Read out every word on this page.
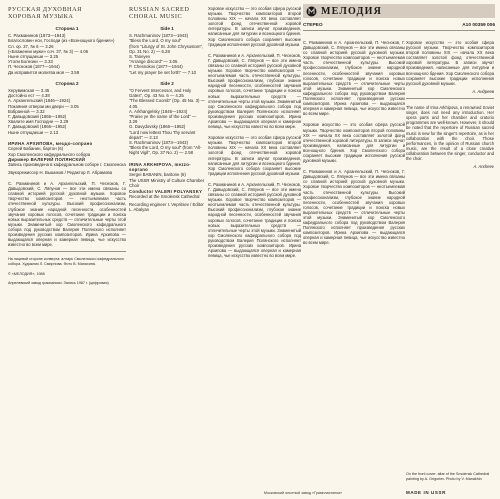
РУССКАЯ ДУХОВНАЯ
ХОРОВАЯ МУЗЫКА
Сторона 1
С. Рахманинов (1873—1943)
Благословен еси, Господи (из «Всенощного бдения»)
Сл. ор. 37, № 6 — 3.26
(«Блаженни мужи» соч. 37, № 3) — 4.06
Ныне отпущаеши — 3.25
Утоли Болезни — 3.33
П. Чесноков (1877—1944)
Да исправится молитва моя — 3.58
Сторона 2
Херувимская — 3.45
Достойно ест — 4.38
А. Архангельский (1846—1924)
Покаяния отверзи ми двери — 3.05
Взбранной — 3.32
Г. Давыдовский (1866—1952)
Хвалите имя Господне — 3.29
Г. Давыдовский (1866—1952)
Ныне отпущаеши — 2.13
ИРИНА АРХИПОВА, меццо-сопрано
Сергей Бабанин, бартон (6)
Хор Смоленского кафедрального собора
Дирижер ВАЛЕРИЙ ПОЛЯНСКИЙ
Запись произведена в кафедральном соборе г. Смоленска
Звукорежиссер Н. Вышиков / Редактор Л. Абрамова
С. Рахманинов и А. Архангельский, П. Чесноков, Г. Давыдовский, С. Ляпунов — все эти имена связаны со славной историей русской духовной музыки. Хоровое творчество композиторов — неотъемлемая часть отечественной культуры. Высокий профессионализм, глубокое знание народной песенности, особенностей звучания хоровых голосов, сочетание традиции и поиска новых выразительных средств — отличительные черты этой музыки. Знаменитый хор Смоленского кафедрального собора под руководством Валерия Полянского исполняет произведения русских композиторов. Ирина Архипова — выдающаяся оперная и камерная певица, чье искусство известно во всем мире.
На лицевой стороне конверта: алтарь Смоленского кафедрального собора. Художник Л. Смирнова. Фото В. Манахина.
© «МЕЛОДИЯ», 1988
Апрелевский завод грамзаписи. Запись 1987 г. (цифровая)
RUSSIAN SACRED
CHORAL MUSIC
Side 1
S. Rachmaninov (1873—1943)
"Bless the Lord, O my soul"
(from "Liturgy of St. John Chrysostom", Op. 31 No. 2) — 6.28
S. Taneyev
"Arrange discord" — 3.05
P. Chesnokov (1877—1944)
"Let my prayer be set forth" — 7.10
Side 2
"O Fervent Intercessor, and Holy Gates", Op. 43 No. 6 — 4.25
"The Blessed Coomb" (Op. 45 No. 3) — 4.05
A. Arkhangelsky (1846—1924)
"Praise ye the name of the Lord" — 3.29
G. Davydovsky (1866—1952)
"Lord now lettest Thou Thy servant depart" — 2.13
S. Rachmaninov (1873—1943)
"Bless the Lord, O my soul" (from "All-Night Vigil", Op. 37 No. 2) — 2.58
IRINA ARKHIPOVA, mezzo-soprano
Sergei BABANIN, baritone (6)
The USSR Ministry of Culture Chamber Choir
Conductor VALERI POLYANSKY
Recorded at the Smolensk Cathedral
Recording engineer I. Vepritsev / Editor L. Abalyan
Хоровое искусство — это особая сфера русской музыки. Творчество композиторов второй половины XIX — начала XX века составляет золотой фонд отечественной хоровой литературы. В записи звучат произведения, написанные для литургии и всенощного бдения. Хор Смоленского собора сохраняет высокие традиции исполнения русской духовной музыки.
С. Рахманинов и А. Архангельский, П. Чесноков, Г. Давыдовский, С. Ляпунов — все эти имена связаны со славной историей русской духовной музыки. Хоровое творчество композиторов — неотъемлемая часть отечественной культуры. Высокий профессионализм, глубокое знание народной песенности, особенностей звучания хоровых голосов, сочетание традиции и поиска новых выразительных средств — отличительные черты этой музыки. Знаменитый хор Смоленского кафедрального собора под руководством Валерия Полянского исполняет произведения русских композиторов. Ирина Архипова — выдающаяся оперная и камерная певица, чье искусство известно во всем мире.
Хоровое искусство — это особая сфера русской музыки. Творчество композиторов второй половины XIX — начала XX века составляет золотой фонд отечественной хоровой литературы. В записи звучат произведения, написанные для литургии и всенощного бдения. Хор Смоленского собора сохраняет высокие традиции исполнения русской духовной музыки.
С. Рахманинов и А. Архангельский, П. Чесноков, Г. Давыдовский, С. Ляпунов — все эти имена связаны со славной историей русской духовной музыки. Хоровое творчество композиторов — неотъемлемая часть отечественной культуры. Высокий профессионализм, глубокое знание народной песенности, особенностей звучания хоровых голосов, сочетание традиции и поиска новых выразительных средств — отличительные черты этой музыки. Знаменитый хор Смоленского кафедрального собора под руководством Валерия Полянского исполняет произведения русских композиторов. Ирина Архипова — выдающаяся оперная и камерная певица, чье искусство известно во всем мире.
МЕЛОДИЯ
СТЕРЕО	A10 00359 006
С. Рахманинов и А. Архангельский, П. Чесноков, Г. Давыдовский, С. Ляпунов — все эти имена связаны со славной историей русской духовной музыки. Хоровое творчество композиторов — неотъемлемая часть отечественной культуры. Высокий профессионализм, глубокое знание народной песенности, особенностей звучания хоровых голосов, сочетание традиции и поиска новых выразительных средств — отличительные черты этой музыки. Знаменитый хор Смоленского кафедрального собора под руководством Валерия Полянского исполняет произведения русских композиторов. Ирина Архипова — выдающаяся оперная и камерная певица, чье искусство известно во всем мире.
Хоровое искусство — это особая сфера русской музыки. Творчество композиторов второй половины XIX — начала XX века составляет золотой фонд отечественной хоровой литературы. В записи звучат произведения, написанные для литургии и всенощного бдения. Хор Смоленского собора сохраняет высокие традиции исполнения русской духовной музыки.
С. Рахманинов и А. Архангельский, П. Чесноков, Г. Давыдовский, С. Ляпунов — все эти имена связаны со славной историей русской духовной музыки. Хоровое творчество композиторов — неотъемлемая часть отечественной культуры. Высокий профессионализм, глубокое знание народной песенности, особенностей звучания хоровых голосов, сочетание традиции и поиска новых выразительных средств — отличительные черты этой музыки. Знаменитый хор Смоленского кафедрального собора под руководством Валерия Полянского исполняет произведения русских композиторов. Ирина Архипова — выдающаяся оперная и камерная певица, чье искусство известно во всем мире.
Хоровое искусство — это особая сфера русской музыки. Творчество композиторов второй половины XIX — начала XX века составляет золотой фонд отечественной хоровой литературы. В записи звучат произведения, написанные для литургии и всенощного бдения. Хор Смоленского собора сохраняет высокие традиции исполнения русской духовной музыки.
А. Андреев
The name of Irina Arkhipova, a renowned Soviet singer, does not need any introduction. Her opera parts and her chamber and oratorio programmes are well-known. However, it should be noted that the repertoire of Russian sacred music is new for the singer's repertoire, as is her collaboration with the choir. Those performances, in the opinion of Russian church music, are the result of a close creative collaboration between the singer, conductor and the choir.
A. Andreev
On the front cover: altar of the Smolensk Cathedral painting by A. Grigoriev. Photo by V. Manakhin
MADE IN USSR
Московский опытный завод «Грампластинка»
